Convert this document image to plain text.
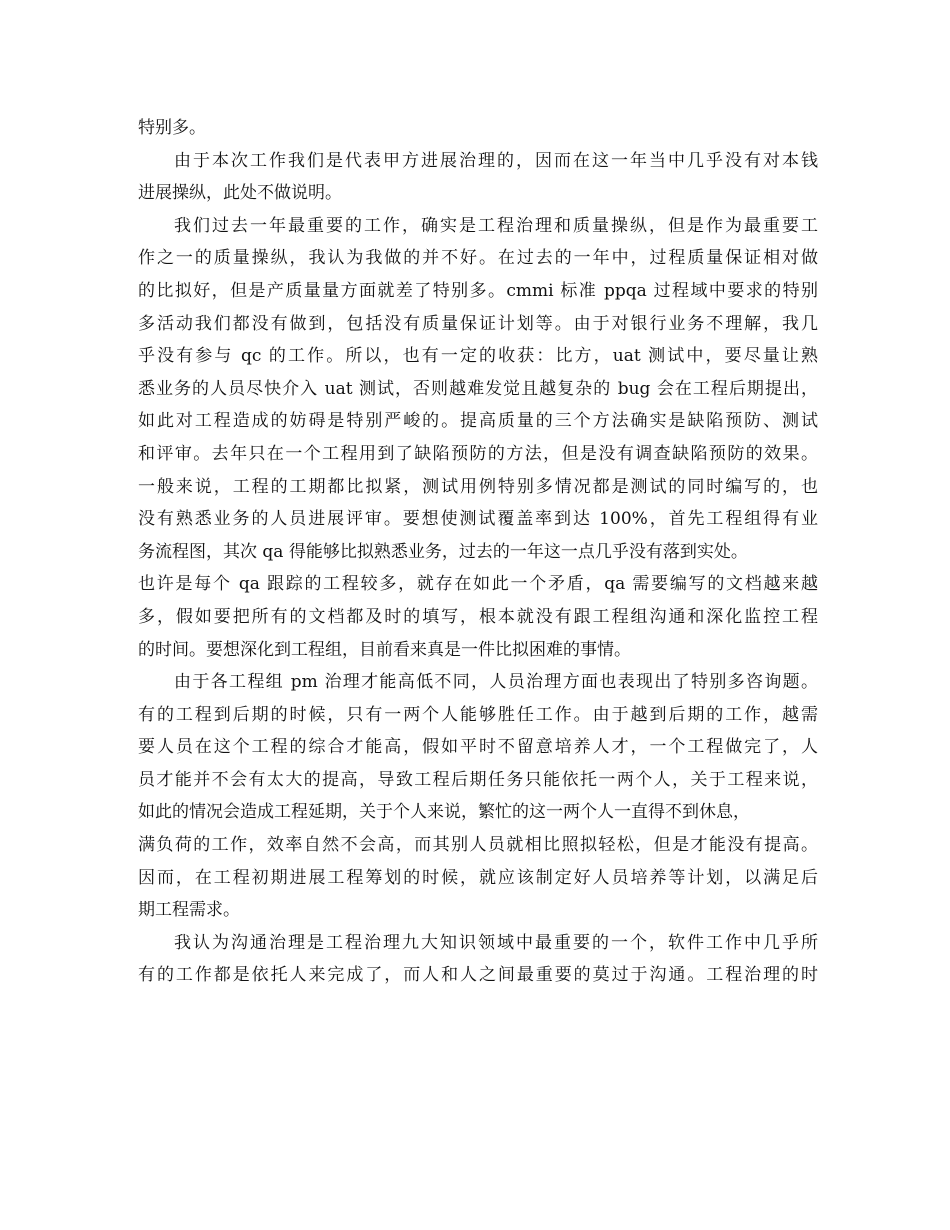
特别多。
由于本次工作我们是代表甲方进展治理的，因而在这一年当中几乎没有对本钱
进展操纵，此处不做说明。
我们过去一年最重要的工作，确实是工程治理和质量操纵，但是作为最重要工
作之一的质量操纵，我认为我做的并不好。在过去的一年中，过程质量保证相对做
的比拟好，但是产质量量方面就差了特别多。cmmi 标准 ppqa 过程域中要求的特别
多活动我们都没有做到，包括没有质量保证计划等。由于对银行业务不理解，我几
乎没有参与 qc 的工作。所以，也有一定的收获：比方，uat 测试中，要尽量让熟
悉业务的人员尽快介入 uat 测试，否则越难发觉且越复杂的 bug 会在工程后期提出，
如此对工程造成的妨碍是特别严峻的。提高质量的三个方法确实是缺陷预防、测试
和评审。去年只在一个工程用到了缺陷预防的方法，但是没有调查缺陷预防的效果。
一般来说，工程的工期都比拟紧，测试用例特别多情况都是测试的同时编写的，也
没有熟悉业务的人员进展评审。要想使测试覆盖率到达 100%，首先工程组得有业
务流程图，其次 qa 得能够比拟熟悉业务，过去的一年这一点几乎没有落到实处。
也许是每个 qa 跟踪的工程较多，就存在如此一个矛盾，qa 需要编写的文档越来越
多，假如要把所有的文档都及时的填写，根本就没有跟工程组沟通和深化监控工程
的时间。要想深化到工程组，目前看来真是一件比拟困难的事情。
由于各工程组 pm 治理才能高低不同，人员治理方面也表现出了特别多咨询题。
有的工程到后期的时候，只有一两个人能够胜任工作。由于越到后期的工作，越需
要人员在这个工程的综合才能高，假如平时不留意培养人才，一个工程做完了，人
员才能并不会有太大的提高，导致工程后期任务只能依托一两个人，关于工程来说，
如此的情况会造成工程延期，关于个人来说，繁忙的这一两个人一直得不到休息，
满负荷的工作，效率自然不会高，而其别人员就相比照拟轻松，但是才能没有提高。
因而，在工程初期进展工程筹划的时候，就应该制定好人员培养等计划，以满足后
期工程需求。
我认为沟通治理是工程治理九大知识领域中最重要的一个，软件工作中几乎所
有的工作都是依托人来完成了，而人和人之间最重要的莫过于沟通。工程治理的时
